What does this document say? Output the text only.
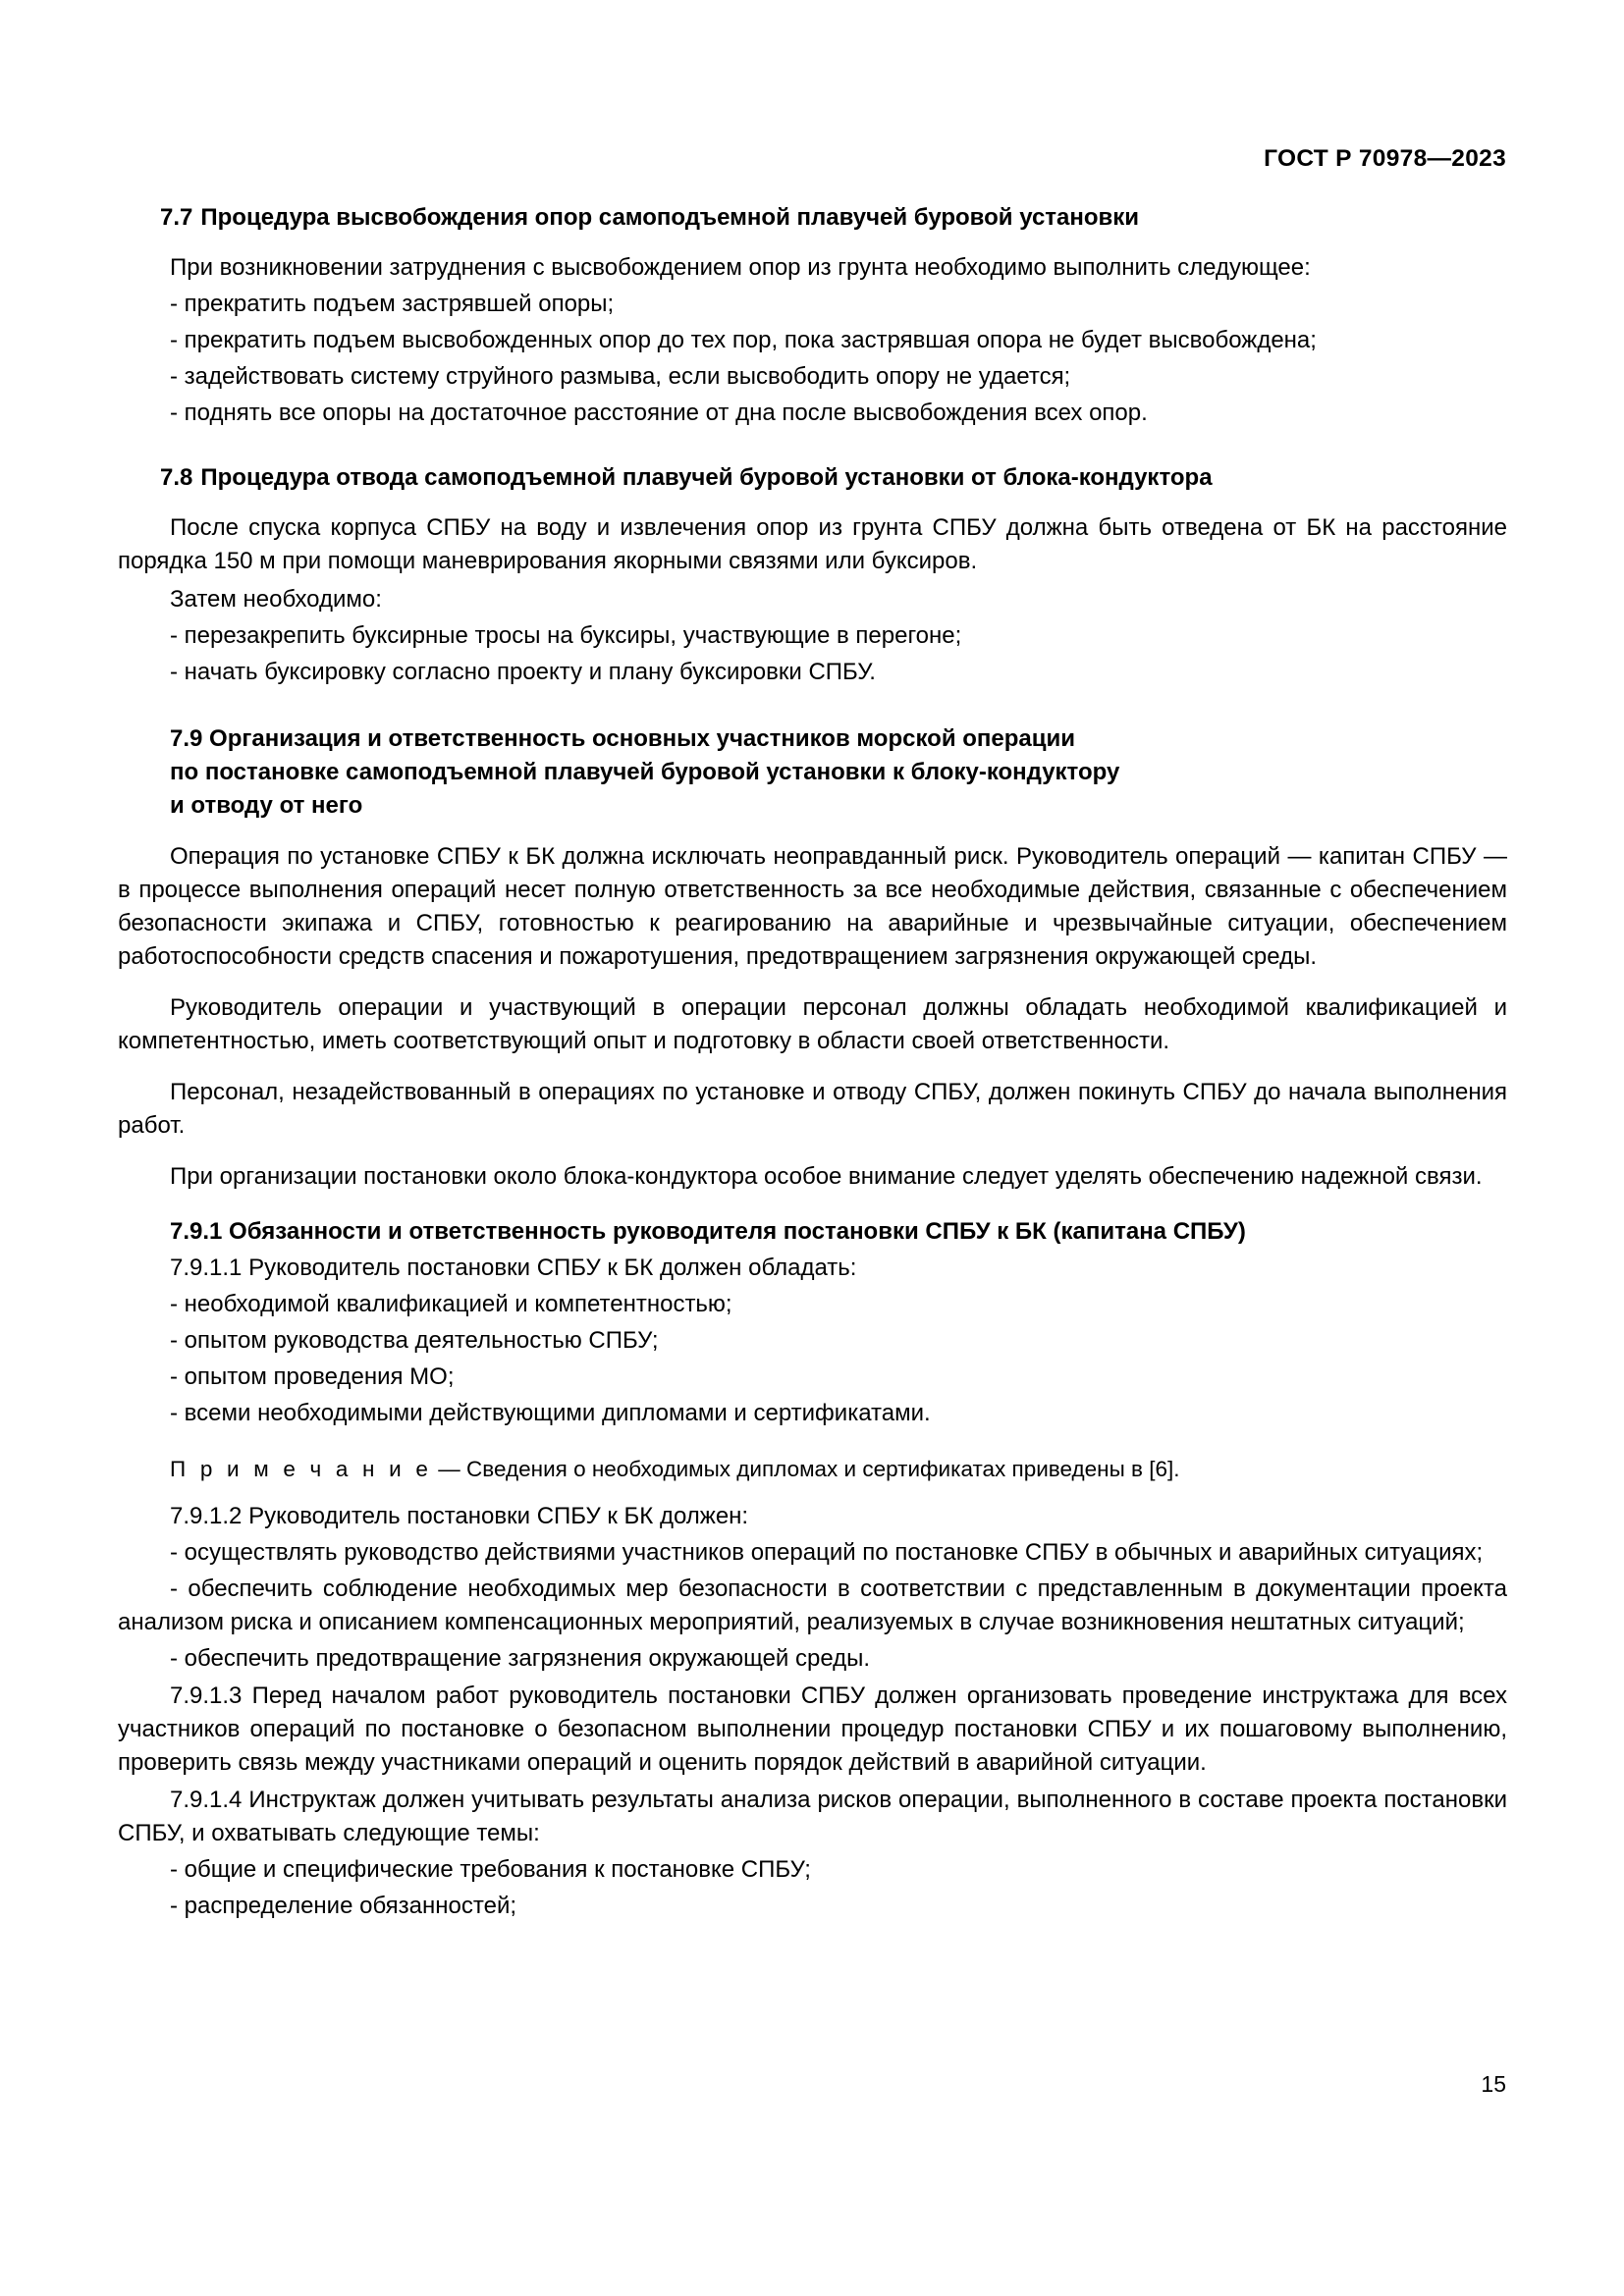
ГОСТ Р 70978—2023
7.7 Процедура высвобождения опор самоподъемной плавучей буровой установки

При возникновении затруднения с высвобождением опор из грунта необходимо выполнить следующее:

- прекратить подъем застрявшей опоры;

- прекратить подъем высвобожденных опор до тех пор, пока застрявшая опора не будет высвобождена;

- задействовать систему струйного размыва, если высвободить опору не удается;

- поднять все опоры на достаточное расстояние от дна после высвобождения всех опор.

7.8 Процедура отвода самоподъемной плавучей буровой установки от блока-кондуктора

После спуска корпуса СПБУ на воду и извлечения опор из грунта СПБУ должна быть отведена от БК на расстояние порядка 150 м при помощи маневрирования якорными связями или буксиров.

Затем необходимо:

- перезакрепить буксирные тросы на буксиры, участвующие в перегоне;

- начать буксировку согласно проекту и плану буксировки СПБУ.

7.9 Организация и ответственность основных участников морской операции
по постановке самоподъемной плавучей буровой установки к блоку-кондуктору
и отводу от него

Операция по установке СПБУ к БК должна исключать неоправданный риск. Руководитель операций — капитан СПБУ — в процессе выполнения операций несет полную ответственность за все необходимые действия, связанные с обеспечением безопасности экипажа и СПБУ, готовностью к реагированию на аварийные и чрезвычайные ситуации, обеспечением работоспособности средств спасения и пожаротушения, предотвращением загрязнения окружающей среды.

Руководитель операции и участвующий в операции персонал должны обладать необходимой квалификацией и компетентностью, иметь соответствующий опыт и подготовку в области своей ответственности.

Персонал, незадействованный в операциях по установке и отводу СПБУ, должен покинуть СПБУ до начала выполнения работ.

При организации постановки около блока-кондуктора особое внимание следует уделять обеспечению надежной связи.

7.9.1 Обязанности и ответственность руководителя постановки СПБУ к БК (капитана СПБУ)

7.9.1.1 Руководитель постановки СПБУ к БК должен обладать:

- необходимой квалификацией и компетентностью;

- опытом руководства деятельностью СПБУ;

- опытом проведения МО;

- всеми необходимыми действующими дипломами и сертификатами.

П р и м е ч а н и е — Сведения о необходимых дипломах и сертификатах приведены в [6].

7.9.1.2 Руководитель постановки СПБУ к БК должен:

- осуществлять руководство действиями участников операций по постановке СПБУ в обычных и аварийных ситуациях;

- обеспечить соблюдение необходимых мер безопасности в соответствии с представленным в документации проекта анализом риска и описанием компенсационных мероприятий, реализуемых в случае возникновения нештатных ситуаций;

- обеспечить предотвращение загрязнения окружающей среды.

7.9.1.3 Перед началом работ руководитель постановки СПБУ должен организовать проведение инструктажа для всех участников операций по постановке о безопасном выполнении процедур постановки СПБУ и их пошаговому выполнению, проверить связь между участниками операций и оценить порядок действий в аварийной ситуации.

7.9.1.4 Инструктаж должен учитывать результаты анализа рисков операции, выполненного в составе проекта постановки СПБУ, и охватывать следующие темы:

- общие и специфические требования к постановке СПБУ;

- распределение обязанностей;

15
